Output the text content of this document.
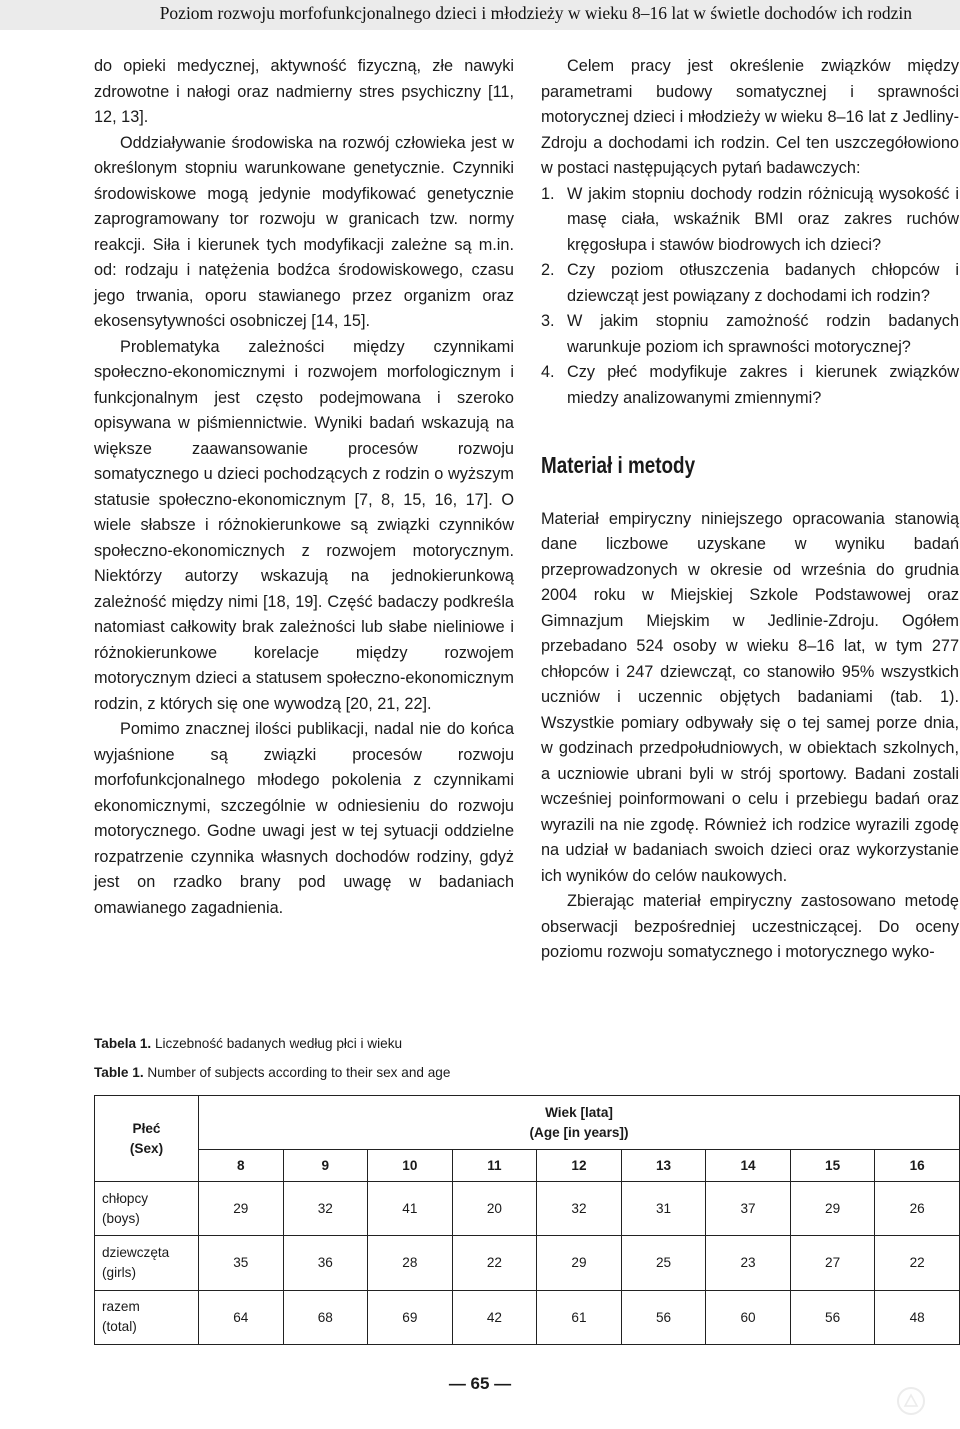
Poziom rozwoju morfofunkcjonalnego dzieci i młodzieży w wieku 8–16 lat w świetle dochodów ich rodzin

do opieki medycznej, aktywność fizyczną, złe nawyki zdrowotne i nałogi oraz nadmierny stres psychiczny [11, 12, 13].

Oddziaływanie środowiska na rozwój człowieka jest w określonym stopniu warunkowane genetycznie. Czynniki środowiskowe mogą jedynie modyfikować genetycznie zaprogramowany tor rozwoju w granicach tzw. normy reakcji. Siła i kierunek tych modyfikacji zależne są m.in. od: rodzaju i natężenia bodźca środowiskowego, czasu jego trwania, oporu stawianego przez organizm oraz ekosensytywności osobniczej [14, 15].

Problematyka zależności między czynnikami społeczno-ekonomicznymi i rozwojem morfologicznym i funkcjonalnym jest często podejmowana i szeroko opisywana w piśmiennictwie. Wyniki badań wskazują na większe zaawansowanie procesów rozwoju somatycznego u dzieci pochodzących z rodzin o wyższym statusie społeczno-ekonomicznym [7, 8, 15, 16, 17]. O wiele słabsze i różnokierunkowe są związki czynników społeczno-ekonomicznych z rozwojem motorycznym. Niektórzy autorzy wskazują na jednokierunkową zależność między nimi [18, 19]. Część badaczy podkreśla natomiast całkowity brak zależności lub słabe nieliniowe i różnokierunkowe korelacje między rozwojem motorycznym dzieci a statusem społeczno-ekonomicznym rodzin, z których się one wywodzą [20, 21, 22].

Pomimo znacznej ilości publikacji, nadal nie do końca wyjaśnione są związki procesów rozwoju morfofunkcjonalnego młodego pokolenia z czynnikami ekonomicznymi, szczególnie w odniesieniu do rozwoju motorycznego. Godne uwagi jest w tej sytuacji oddzielne rozpatrzenie czynnika własnych dochodów rodziny, gdyż jest on rzadko brany pod uwagę w badaniach omawianego zagadnienia.

Celem pracy jest określenie związków między parametrami budowy somatycznej i sprawności motorycznej dzieci i młodzieży w wieku 8–16 lat z Jedliny-Zdroju a dochodami ich rodzin. Cel ten uszczegółowiono w postaci następujących pytań badawczych:

1. W jakim stopniu dochody rodzin różnicują wysokość i masę ciała, wskaźnik BMI oraz zakres ruchów kręgosłupa i stawów biodrowych ich dzieci?
2. Czy poziom otłuszczenia badanych chłopców i dziewcząt jest powiązany z dochodami ich rodzin?
3. W jakim stopniu zamożność rodzin badanych warunkuje poziom ich sprawności motorycznej?
4. Czy płeć modyfikuje zakres i kierunek związków miedzy analizowanymi zmiennymi?
Materiał i metody

Materiał empiryczny niniejszego opracowania stanowią dane liczbowe uzyskane w wyniku badań przeprowadzonych w okresie od września do grudnia 2004 roku w Miejskiej Szkole Podstawowej oraz Gimnazjum Miejskim w Jedlinie-Zdroju. Ogółem przebadano 524 osoby w wieku 8–16 lat, w tym 277 chłopców i 247 dziewcząt, co stanowiło 95% wszystkich uczniów i uczennic objętych badaniami (tab. 1). Wszystkie pomiary odbywały się o tej samej porze dnia, w godzinach przedpołudniowych, w obiektach szkolnych, a uczniowie ubrani byli w strój sportowy. Badani zostali wcześniej poinformowani o celu i przebiegu badań oraz wyrazili na nie zgodę. Również ich rodzice wyrazili zgodę na udział w badaniach swoich dzieci oraz wykorzystanie ich wyników do celów naukowych.

Zbierając materiał empiryczny zastosowano metodę obserwacji bezpośredniej uczestniczącej. Do oceny poziomu rozwoju somatycznego i motorycznego wyko-

Tabela 1. Liczebność badanych według płci i wieku
Table 1. Number of subjects according to their sex and age
Płeć
(Sex)	Wiek [lata]
(Age [in years])								
	8	9	10	11	12	13	14	15	16
chłopcy
(boys)	29	32	41	20	32	31	37	29	26
dziewczęta
(girls)	35	36	28	22	29	25	23	27	22
razem
(total)	64	68	69	42	61	56	60	56	48
— 65 —
